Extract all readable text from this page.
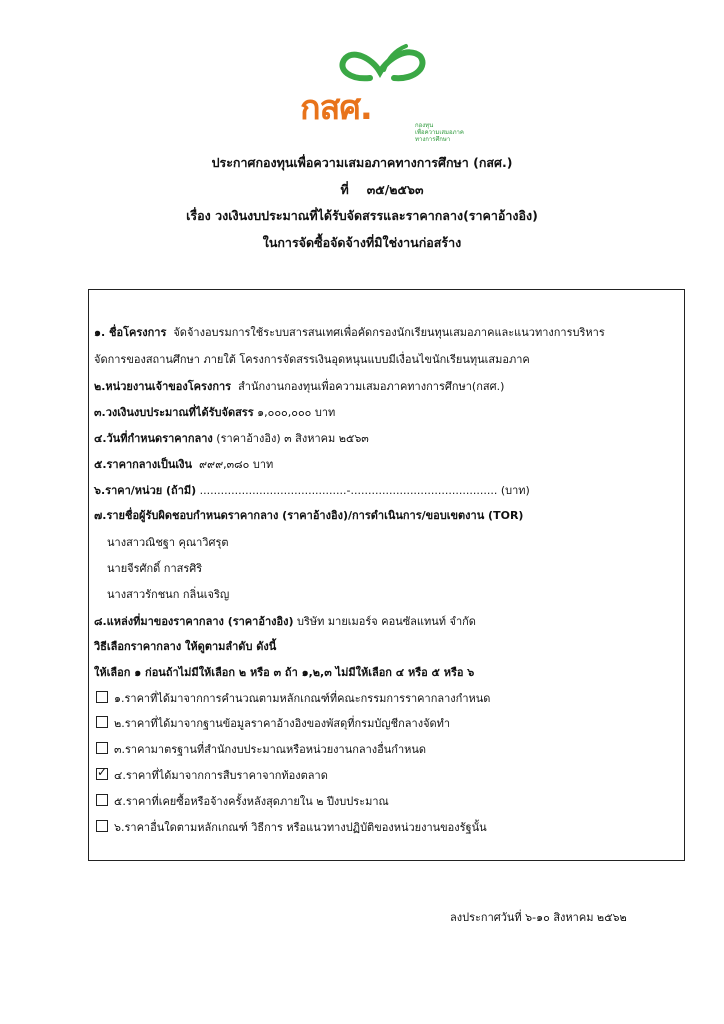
กสศ.	กองทุน
เพื่อความเสมอภาค
ทางการศึกษา
ประกาศกองทุนเพื่อความเสมอภาคทางการศึกษา (กสศ.)
ที่ ๓๕/๒๕๖๓
เรื่อง วงเงินงบประมาณที่ได้รับจัดสรรและราคากลาง(ราคาอ้างอิง)
ในการจัดซื้อจัดจ้างที่มิใช่งานก่อสร้าง
๑. ชื่อโครงการ จัดจ้างอบรมการใช้ระบบสารสนเทศเพื่อคัดกรองนักเรียนทุนเสมอภาคและแนวทางการบริหาร
จัดการของสถานศึกษา ภายใต้ โครงการจัดสรรเงินอุดหนุนแบบมีเงื่อนไขนักเรียนทุนเสมอภาค
๒.หน่วยงานเจ้าของโครงการ สำนักงานกองทุนเพื่อความเสมอภาคทางการศึกษา(กสศ.)
๓.วงเงินงบประมาณที่ได้รับจัดสรร ๑,๐๐๐,๐๐๐ บาท
๔.วันที่กำหนดราคากลาง (ราคาอ้างอิง) ๓ สิงหาคม ๒๕๖๓
๕.ราคากลางเป็นเงิน ๙๙๙,๓๘๐ บาท
๖.ราคา/หน่วย (ถ้ามี) ..........................................-.......................................... (บาท)
๗.รายชื่อผู้รับผิดชอบกำหนดราคากลาง (ราคาอ้างอิง)/การดำเนินการ/ขอบเขตงาน (TOR)
นางสาวณิชฐา คุณาวิศรุต
นายจีรศักดิ์ กาสรศิริ
นางสาวรักชนก กลิ่นเจริญ
๘.แหล่งที่มาของราคากลาง (ราคาอ้างอิง) บริษัท มายเมอร์จ คอนซัลแทนท์ จำกัด
วิธีเลือกราคากลาง ให้ดูตามลำดับ ดังนี้
ให้เลือก ๑ ก่อนถ้าไม่มีให้เลือก ๒ หรือ ๓ ถ้า ๑,๒,๓ ไม่มีให้เลือก ๔ หรือ ๕ หรือ ๖
๑.ราคาที่ได้มาจากการคำนวณตามหลักเกณฑ์ที่คณะกรรมการราคากลางกำหนด
๒.ราคาที่ได้มาจากฐานข้อมูลราคาอ้างอิงของพัสดุที่กรมบัญชีกลางจัดทำ
๓.ราคามาตรฐานที่สำนักงบประมาณหรือหน่วยงานกลางอื่นกำหนด
✓๔.ราคาที่ได้มาจากการสืบราคาจากท้องตลาด
๕.ราคาที่เคยซื้อหรือจ้างครั้งหลังสุดภายใน ๒ ปีงบประมาณ
๖.ราคาอื่นใดตามหลักเกณฑ์ วิธีการ หรือแนวทางปฏิบัติของหน่วยงานของรัฐนั้น
ลงประกาศวันที่ ๖-๑๐ สิงหาคม ๒๕๖๒
